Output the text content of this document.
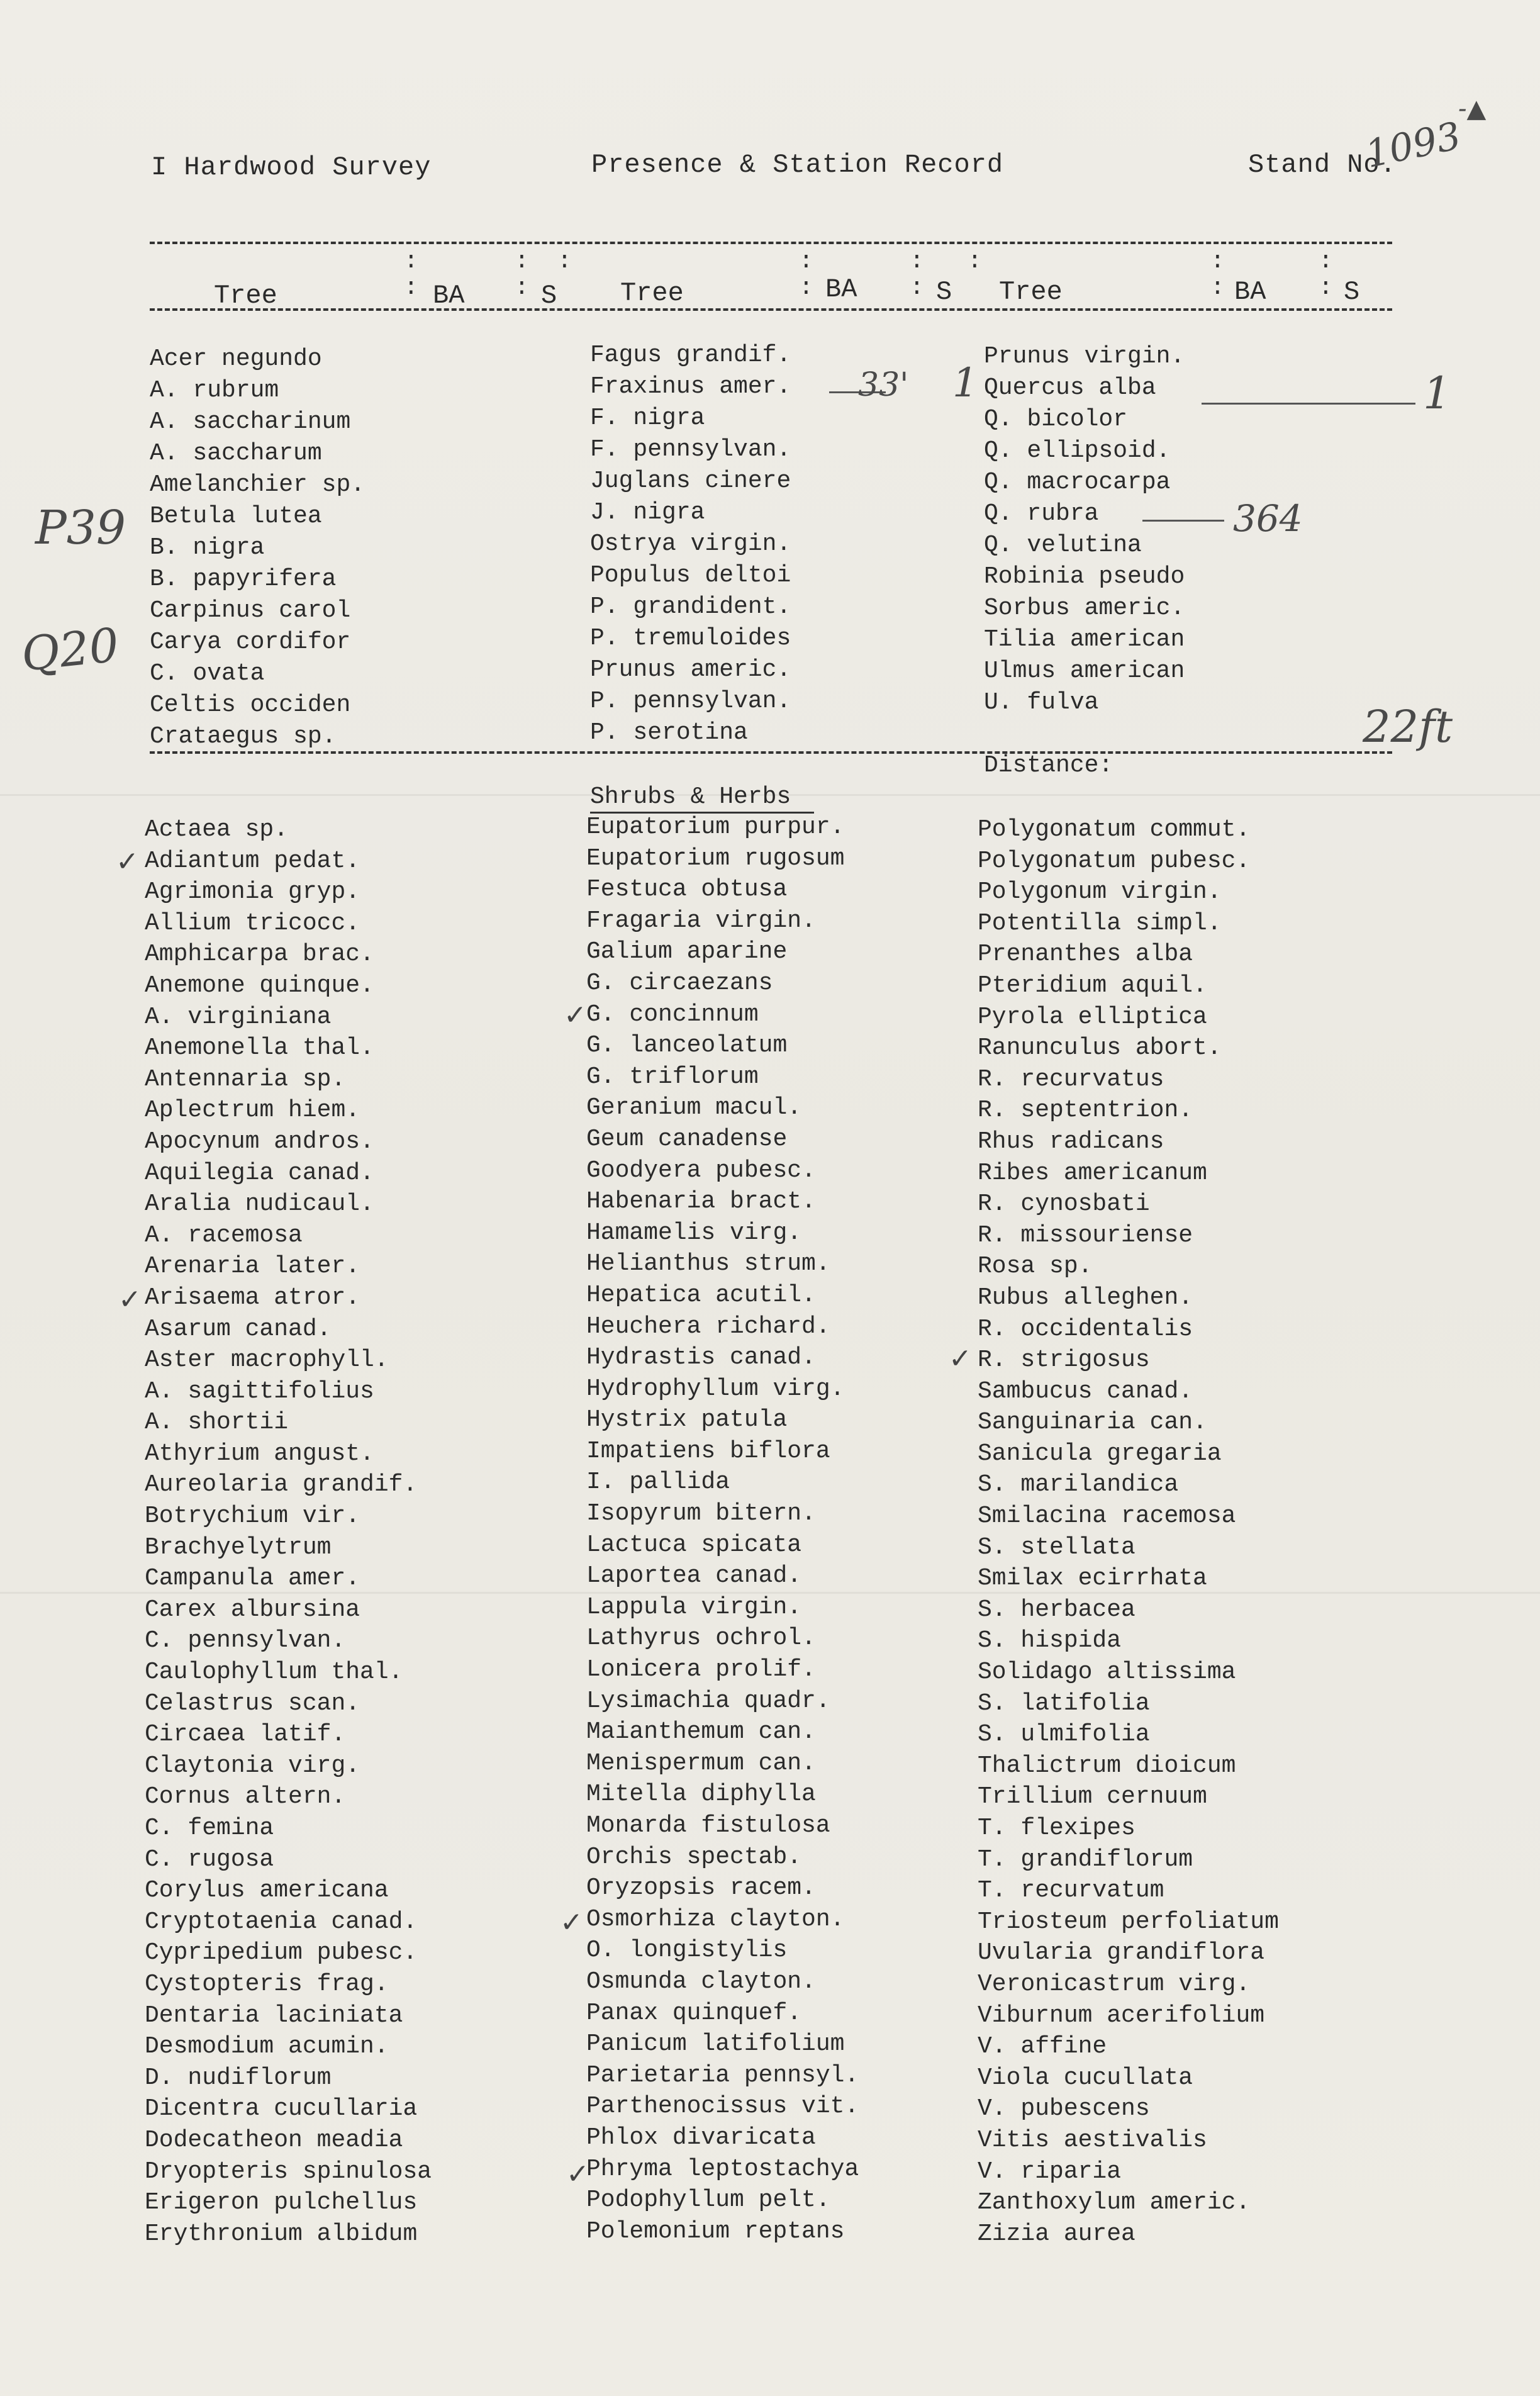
I Hardwood Survey	Presence & Station Record	Stand No.
1093
-▲
Tree	BA	S Tree	BA	S Tree	BA	S
:
:
:
:
:	:
:
:
:
:	:
:
:
:
Acer negundo
A. rubrum
A. saccharinum
A. saccharum
Amelanchier sp.
Betula lutea
B. nigra
B. papyrifera
Carpinus carol
Carya cordifor
C. ovata
Celtis occiden
Crataegus sp.
Fagus grandif.
Fraxinus amer.
F. nigra
F. pennsylvan.
Juglans cinere
J. nigra
Ostrya virgin.
Populus deltoi
P. grandident.
P. tremuloides
Prunus americ.
P. pennsylvan.
P. serotina
Prunus virgin.
Quercus alba
Q. bicolor
Q. ellipsoid.
Q. macrocarpa
Q. rubra
Q. velutina
Robinia pseudo
Sorbus americ.
Tilia american
Ulmus american
U. fulva
Distance:
Shrubs & Herbs
Actaea sp.
Adiantum pedat.
Agrimonia gryp.
Allium tricocc.
Amphicarpa brac.
Anemone quinque.
A. virginiana
Anemonella thal.
Antennaria sp.
Aplectrum hiem.
Apocynum andros.
Aquilegia canad.
Aralia nudicaul.
A. racemosa
Arenaria later.
Arisaema atror.
Asarum canad.
Aster macrophyll.
A. sagittifolius
A. shortii
Athyrium angust.
Aureolaria grandif.
Botrychium vir.
Brachyelytrum
Campanula amer.
Carex albursina
C. pennsylvan.
Caulophyllum thal.
Celastrus scan.
Circaea latif.
Claytonia virg.
Cornus altern.
C. femina
C. rugosa
Corylus americana
Cryptotaenia canad.
Cypripedium pubesc.
Cystopteris frag.
Dentaria laciniata
Desmodium acumin.
D. nudiflorum
Dicentra cucullaria
Dodecatheon meadia
Dryopteris spinulosa
Erigeron pulchellus
Erythronium albidum
Eupatorium purpur.
Eupatorium rugosum
Festuca obtusa
Fragaria virgin.
Galium aparine
G. circaezans
G. concinnum
G. lanceolatum
G. triflorum
Geranium macul.
Geum canadense
Goodyera pubesc.
Habenaria bract.
Hamamelis virg.
Helianthus strum.
Hepatica acutil.
Heuchera richard.
Hydrastis canad.
Hydrophyllum virg.
Hystrix patula
Impatiens biflora
I. pallida
Isopyrum bitern.
Lactuca spicata
Laportea canad.
Lappula virgin.
Lathyrus ochrol.
Lonicera prolif.
Lysimachia quadr.
Maianthemum can.
Menispermum can.
Mitella diphylla
Monarda fistulosa
Orchis spectab.
Oryzopsis racem.
Osmorhiza clayton.
O. longistylis
Osmunda clayton.
Panax quinquef.
Panicum latifolium
Parietaria pennsyl.
Parthenocissus vit.
Phlox divaricata
Phryma leptostachya
Podophyllum pelt.
Polemonium reptans
Polygonatum commut.
Polygonatum pubesc.
Polygonum virgin.
Potentilla simpl.
Prenanthes alba
Pteridium aquil.
Pyrola elliptica
Ranunculus abort.
R. recurvatus
R. septentrion.
Rhus radicans
Ribes americanum
R. cynosbati
R. missouriense
Rosa sp.
Rubus alleghen.
R. occidentalis
R. strigosus
Sambucus canad.
Sanguinaria can.
Sanicula gregaria
S. marilandica
Smilacina racemosa
S. stellata
Smilax ecirrhata
S. herbacea
S. hispida
Solidago altissima
S. latifolia
S. ulmifolia
Thalictrum dioicum
Trillium cernuum
T. flexipes
T. grandiflorum
T. recurvatum
Triosteum perfoliatum
Uvularia grandiflora
Veronicastrum virg.
Viburnum acerifolium
V. affine
Viola cucullata
V. pubescens
Vitis aestivalis
V. riparia
Zanthoxylum americ.
Zizia aurea
P39
Q20
33' 1	1
364
22ft
✓
✓
✓
✓
✓
✓
